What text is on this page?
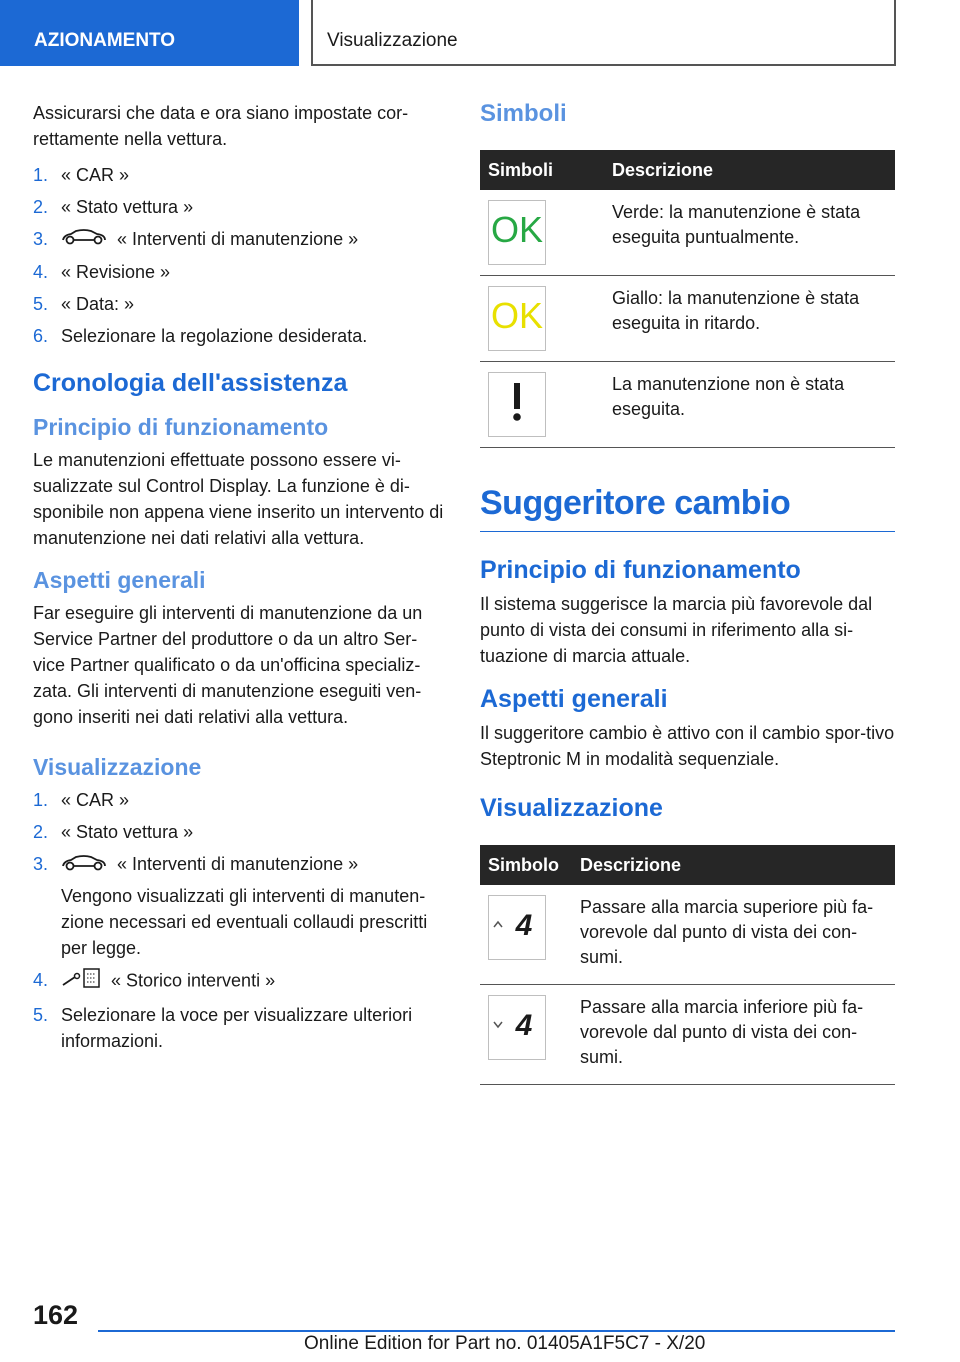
AZIONAMENTO	Visualizzazione

Assicurarsi che data e ora siano impostate cor-rettamente nella vettura.

1. « CAR »
2. « Stato vettura »
3.	« Interventi di manutenzione »
4. « Revisione »
5. « Data: »
6. Selezionare la regolazione desiderata.
Cronologia dell'assistenza
Principio di funzionamento

Le manutenzioni effettuate possono essere vi-sualizzate sul Control Display. La funzione è di-sponibile non appena viene inserito un intervento di manutenzione nei dati relativi alla vettura.

Aspetti generali

Far eseguire gli interventi di manutenzione da un Service Partner del produttore o da un altro Ser-vice Partner qualificato o da un'officina specializ-zata. Gli interventi di manutenzione eseguiti ven-gono inseriti nei dati relativi alla vettura.

Visualizzazione
1. « CAR »
2. « Stato vettura »
3.	« Interventi di manutenzione »
Vengono visualizzati gli interventi di manuten-zione necessari ed eventuali collaudi prescritti per legge.
4.	« Storico interventi »
5. Selezionare la voce per visualizzare ulteriori informazioni.
Simboli
Simboli	Descrizione

OK	Verde: la manutenzione è stata eseguita puntualmente.

OK	Giallo: la manutenzione è stata eseguita in ritardo.
	La manutenzione non è stata eseguita.
Suggeritore cambio
Principio di funzionamento

Il sistema suggerisce la marcia più favorevole dal punto di vista dei consumi in riferimento alla si-tuazione di marcia attuale.

Aspetti generali

Il suggeritore cambio è attivo con il cambio spor-tivo Steptronic M in modalità sequenziale.

Visualizzazione
Simbolo	Descrizione

4	Passare alla marcia superiore più fa-vorevole dal punto di vista dei con-sumi.

4	Passare alla marcia inferiore più fa-vorevole dal punto di vista dei con-sumi.
162
Online Edition for Part no. 01405A1F5C7 - X/20
